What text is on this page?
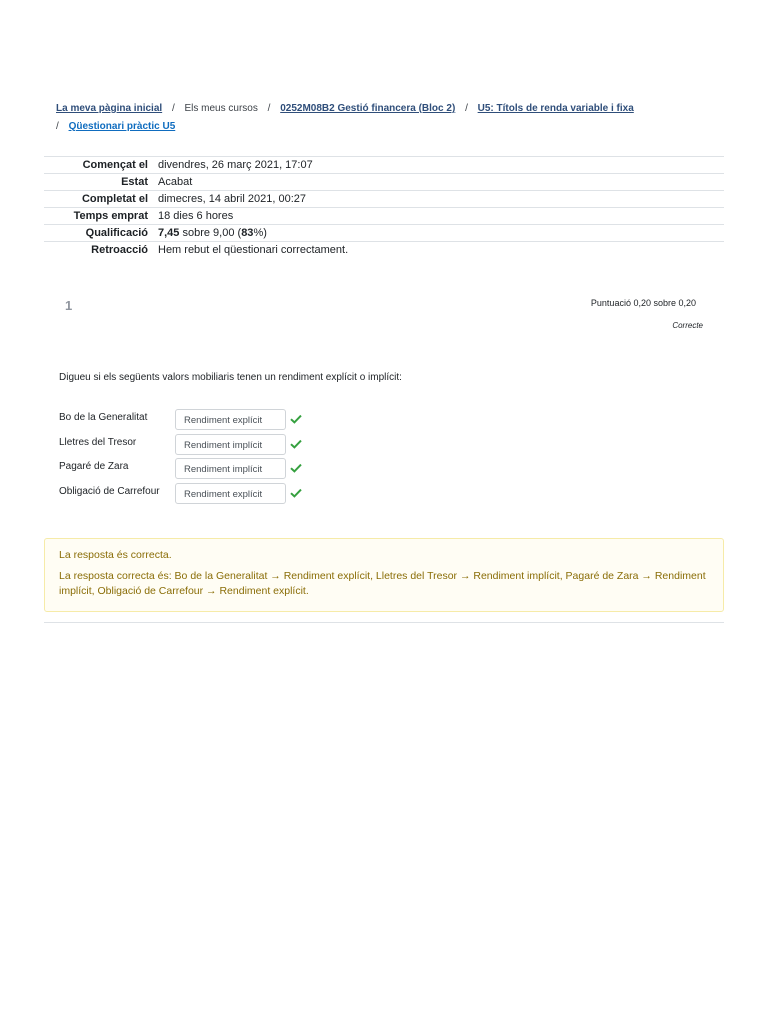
La meva pàgina inicial / Els meus cursos / 0252M08B2 Gestió financera (Bloc 2) / U5: Títols de renda variable i fixa
/ Qüestionari pràctic U5
Començat el	divendres, 26 març 2021, 17:07
Estat	Acabat
Completat el	dimecres, 14 abril 2021, 00:27
Temps emprat	18 dies 6 hores
Qualificació	7,45 sobre 9,00 (83%)
Retroacció	Hem rebut el qüestionari correctament.
1	Puntuació 0,20 sobre 0,20
Correcte
Digueu si els següents valors mobiliaris tenen un rendiment explícit o implícit:
Bo de la Generalitat	Rendiment explícit
Lletres del Tresor	Rendiment implícit
Pagaré de Zara	Rendiment implícit
Obligació de Carrefour	Rendiment explícit

La resposta és correcta.

La resposta correcta és: Bo de la Generalitat → Rendiment explícit, Lletres del Tresor → Rendiment implícit, Pagaré de Zara → Rendiment implícit, Obligació de Carrefour → Rendiment explícit.
